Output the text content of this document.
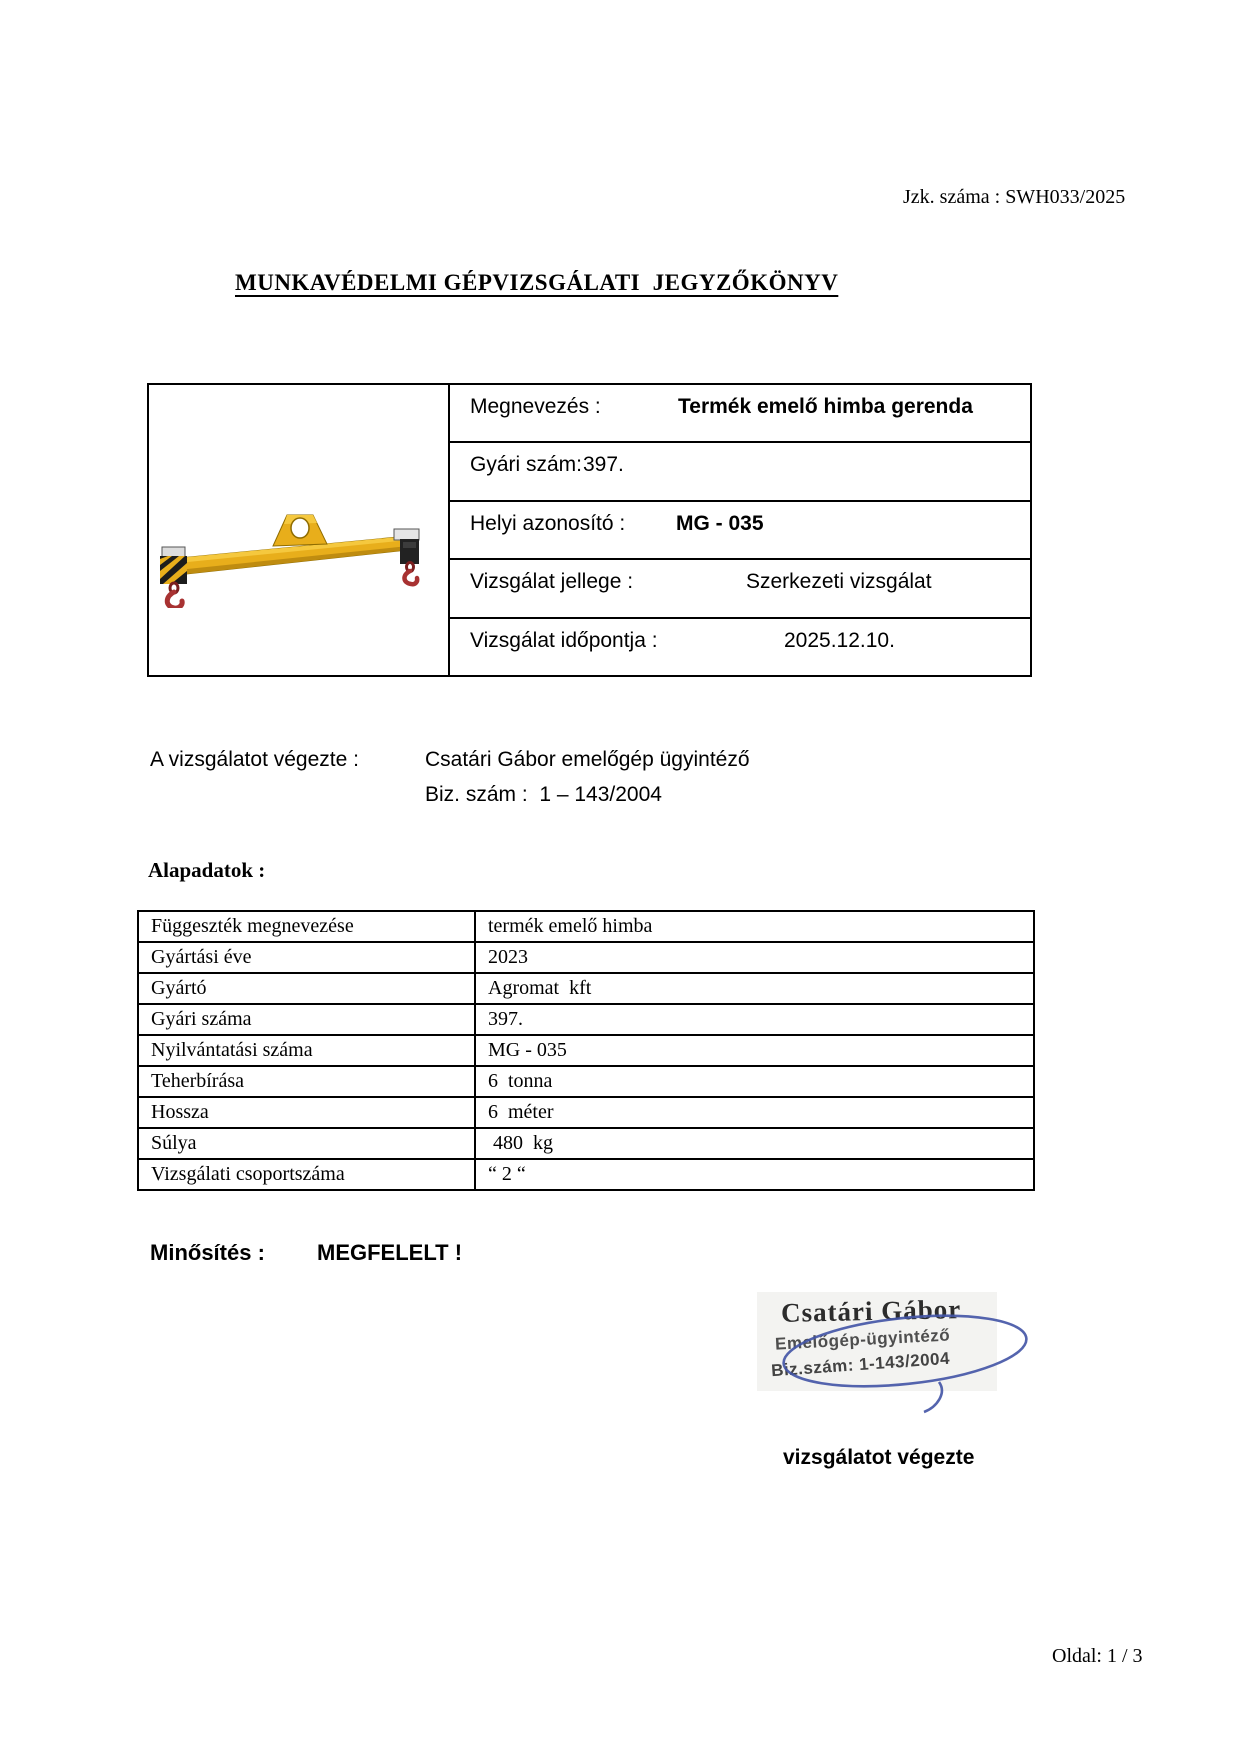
Jzk. száma : SWH033/2025
MUNKAVÉDELMI GÉPVIZSGÁLATI  JEGYZŐKÖNYV
Megnevezés :	Termék emelő himba gerenda
Gyári szám: 397.
Helyi azonosító : MG - 035
Vizsgálat jellege :	Szerkezeti vizsgálat
Vizsgálat időpontja :	2025.12.10.
A vizsgálatot végezte :	Csatári Gábor emelőgép ügyintéző
Biz. szám :  1 – 143/2004
Alapadatok :
Függeszték megnevezése	termék emelő himba
Gyártási éve	2023
Gyártó	Agromat  kft
Gyári száma	397.
Nyilvántatási száma	MG - 035
Teherbírása	6  tonna
Hossza	6  méter
Súlya	480  kg
Vizsgálati csoportszáma	“ 2 “
Minősítés : MEGFELELT !
Csatári Gábor
Emelőgép-ügyintéző
Biz.szám: 1-143/2004
vizsgálatot végezte
Oldal: 1 / 3
